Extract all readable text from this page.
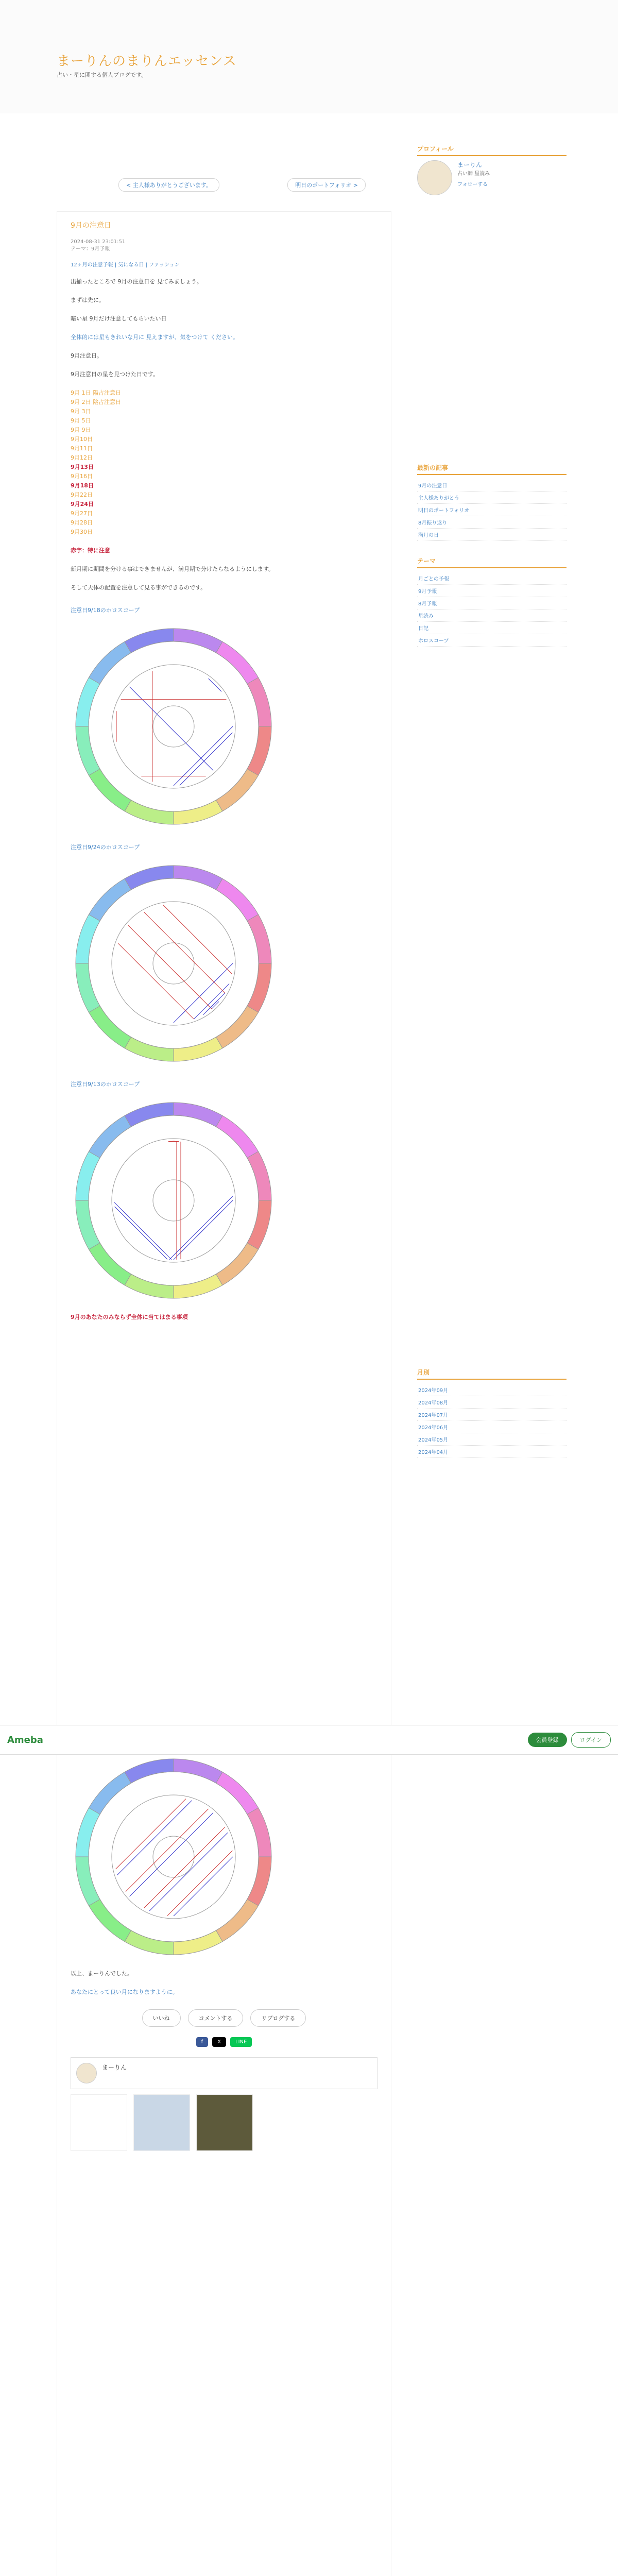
まーりんのまりんエッセンス
占い・星に関する個人ブログです。
< 主人様ありがとうございます。	明日のポートフォリオ >
9月の注意日
2024-08-31 23:01:51
テーマ：9月予報
12ヶ月の注意予報 | 気になる日 | ファッション
出揃ったところで 9月の注意日を 見てみましょう。
まずは先に。
暗い星 9月だけ注意してもらいたい日
全体的には星もきれいな月に 見えますが、気をつけて ください。
9月注意日。
9月注意日の星を見つけた日です。
9月 1日 陽占注意日
9月 2日 陰占注意日
9月 3日
9月 5日
9月 9日
9月10日
9月11日
9月12日
9月13日
9月16日
9月18日
9月22日
9月24日
9月27日
9月28日
9月30日
赤字：特に注意
新月期に期間を分ける事はできませんが、満月期で分けたらなるようにします。
そして天体の配置を注意して見る事ができるのです。
注意日9/18のホロスコープ
注意日9/24のホロスコープ
注意日9/13のホロスコープ
9月のあなたのみならず全体に当てはまる事項
以上、まーりんでした。
あなたにとって良い月になりますように。
いいね	コメントする	リブログする
f	X	LINE
まーりん
プロフィール
まーりん
占い師 星読み
フォローする
最新の記事
9月の注意日
主人様ありがとう
明日のポートフォリオ
8月振り返り
満月の日
テーマ
月ごとの予報
9月予報
8月予報
星読み
日記
ホロスコープ
月別
2024年09月
2024年08月
2024年07月
2024年06月
2024年05月
2024年04月
Ameba	会員登録	ログイン
